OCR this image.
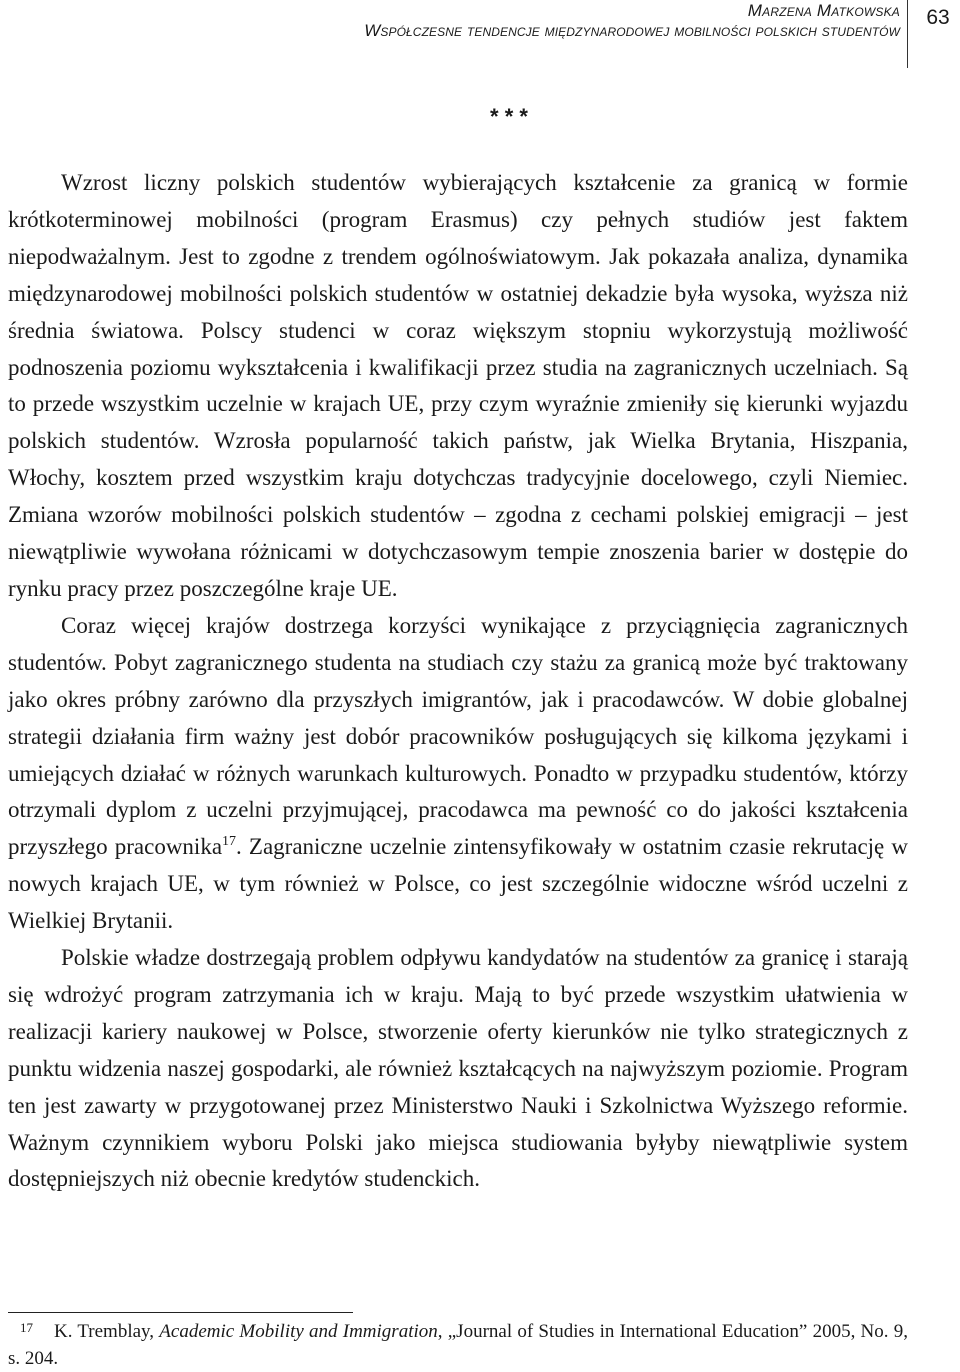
Marzena Matkowska
Współczesne tendencje międzynarodowej mobilności polskich studentów
63
* * *

Wzrost liczny polskich studentów wybierających kształcenie za granicą w formie krótkoterminowej mobilności (program Erasmus) czy pełnych studiów jest faktem niepodważalnym. Jest to zgodne z trendem ogólnoświatowym. Jak pokazała analiza, dynamika międzynarodowej mobilności polskich studentów w ostatniej dekadzie była wysoka, wyższa niż średnia światowa. Polscy studenci w coraz większym stopniu wykorzystują możliwość podnoszenia poziomu wykształcenia i kwalifikacji przez studia na zagranicznych uczelniach. Są to przede wszystkim uczelnie w krajach UE, przy czym wyraźnie zmieniły się kierunki wyjazdu polskich studentów. Wzrosła popularność takich państw, jak Wielka Brytania, Hiszpania, Włochy, kosztem przed wszystkim kraju dotychczas tradycyjnie docelowego, czyli Niemiec. Zmiana wzorów mobilności polskich studentów – zgodna z cechami polskiej emigracji – jest niewątpliwie wywołana różnicami w dotychczasowym tempie znoszenia barier w dostępie do rynku pracy przez poszczególne kraje UE.

Coraz więcej krajów dostrzega korzyści wynikające z przyciągnięcia zagranicznych studentów. Pobyt zagranicznego studenta na studiach czy stażu za granicą może być traktowany jako okres próbny zarówno dla przyszłych imigrantów, jak i pracodawców. W dobie globalnej strategii działania firm ważny jest dobór pracowników posługujących się kilkoma językami i umiejących działać w różnych warunkach kulturowych. Ponadto w przypadku studentów, którzy otrzymali dyplom z uczelni przyjmującej, pracodawca ma pewność co do jakości kształcenia przyszłego pracownika$^{17}$. Zagraniczne uczelnie zintensyfikowały w ostatnim czasie rekrutację w nowych krajach UE, w tym również w Polsce, co jest szczególnie widoczne wśród uczelni z Wielkiej Brytanii.

Polskie władze dostrzegają problem odpływu kandydatów na studentów za granicę i starają się wdrożyć program zatrzymania ich w kraju. Mają to być przede wszystkim ułatwienia w realizacji kariery naukowej w Polsce, stworzenie oferty kierunków nie tylko strategicznych z punktu widzenia naszej gospodarki, ale również kształcących na najwyższym poziomie. Program ten jest zawarty w przygotowanej przez Ministerstwo Nauki i Szkolnictwa Wyższego reformie. Ważnym czynnikiem wyboru Polski jako miejsca studiowania byłyby niewątpliwie system dostępniejszych niż obecnie kredytów studenckich.

17	K. Tremblay, Academic Mobility and Immigration, „Journal of Studies in International Education” 2005, No. 9, s. 204.
